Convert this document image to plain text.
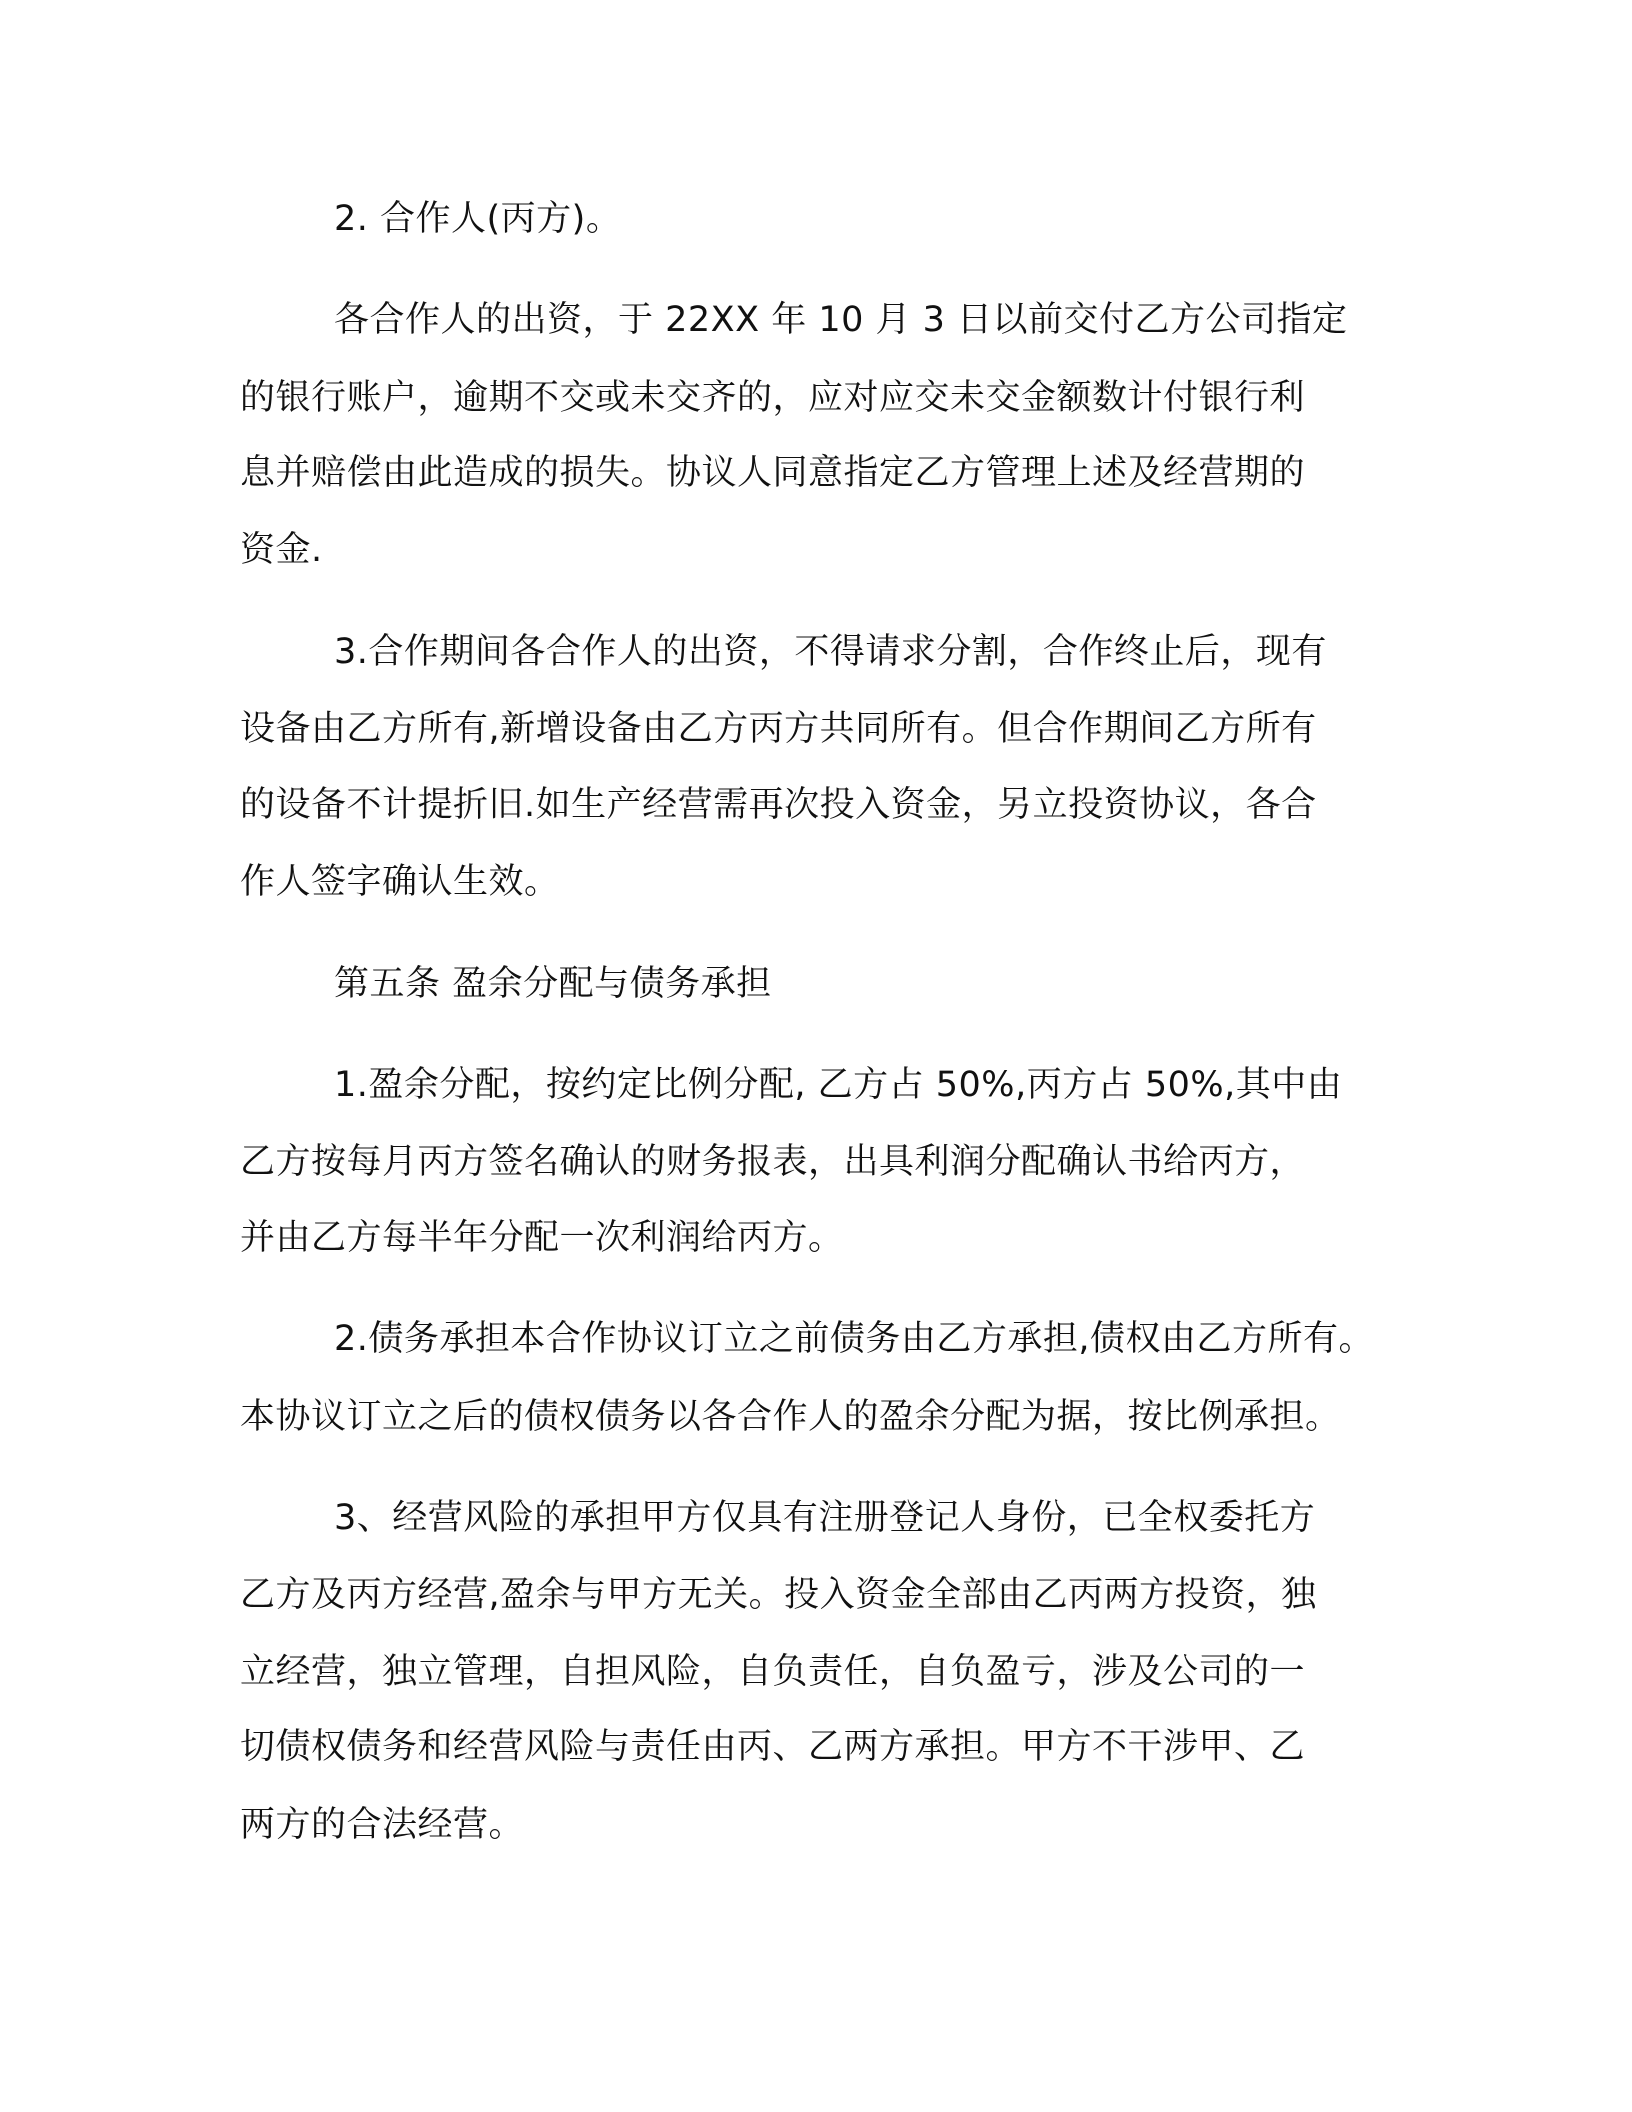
2. 合作人(丙方)。
各合作人的出资，于 22XX 年 10 月 3 日以前交付乙方公司指定
的银行账户，逾期不交或未交齐的，应对应交未交金额数计付银行利
息并赔偿由此造成的损失。协议人同意指定乙方管理上述及经营期的
资金.
3.合作期间各合作人的出资，不得请求分割，合作终止后，现有
设备由乙方所有,新增设备由乙方丙方共同所有。但合作期间乙方所有
的设备不计提折旧.如生产经营需再次投入资金，另立投资协议，各合
作人签字确认生效。
第五条 盈余分配与债务承担
1.盈余分配，按约定比例分配, 乙方占 50%,丙方占 50%,其中由
乙方按每月丙方签名确认的财务报表，出具利润分配确认书给丙方，
并由乙方每半年分配一次利润给丙方。
2.债务承担本合作协议订立之前债务由乙方承担,债权由乙方所有。
本协议订立之后的债权债务以各合作人的盈余分配为据，按比例承担。
3、经营风险的承担甲方仅具有注册登记人身份，已全权委托方
乙方及丙方经营,盈余与甲方无关。投入资金全部由乙丙两方投资，独
立经营，独立管理，自担风险，自负责任，自负盈亏，涉及公司的一
切债权债务和经营风险与责任由丙、乙两方承担。甲方不干涉甲、乙
两方的合法经营。
